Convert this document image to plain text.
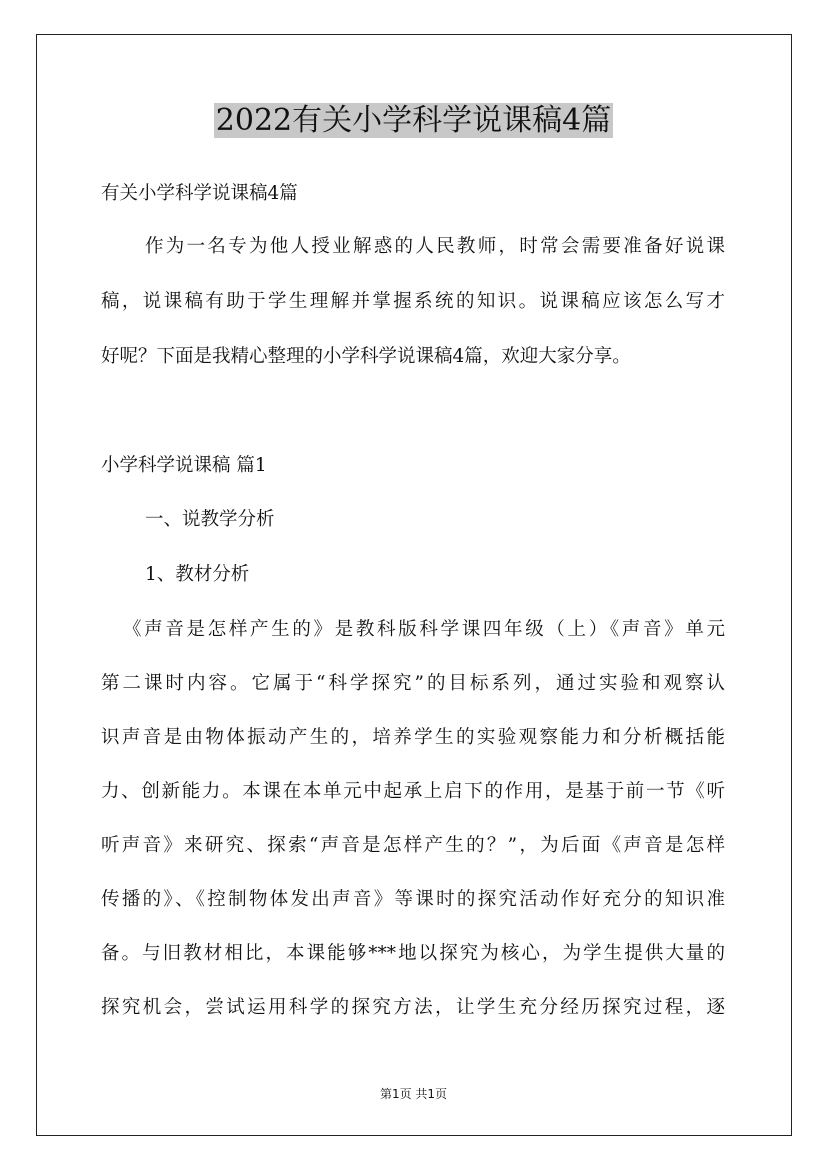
2022有关小学科学说课稿4篇
有关小学科学说课稿4篇
作为一名专为他人授业解惑的人民教师，时常会需要准备好说课
稿，说课稿有助于学生理解并掌握系统的知识。说课稿应该怎么写才
好呢？下面是我精心整理的小学科学说课稿4篇，欢迎大家分享。
小学科学说课稿 篇1
一、说教学分析
1、教材分析
《声音是怎样产生的》是教科版科学课四年级（上）《声音》单元
第二课时内容。它属于“科学探究”的目标系列，通过实验和观察认
识声音是由物体振动产生的，培养学生的实验观察能力和分析概括能
力、创新能力。本课在本单元中起承上启下的作用，是基于前一节《听
听声音》来研究、探索“声音是怎样产生的？”，为后面《声音是怎样
传播的》、《控制物体发出声音》等课时的探究活动作好充分的知识准
备。与旧教材相比，本课能够***地以探究为核心，为学生提供大量的
探究机会，尝试运用科学的探究方法，让学生充分经历探究过程，逐
第1页 共1页
